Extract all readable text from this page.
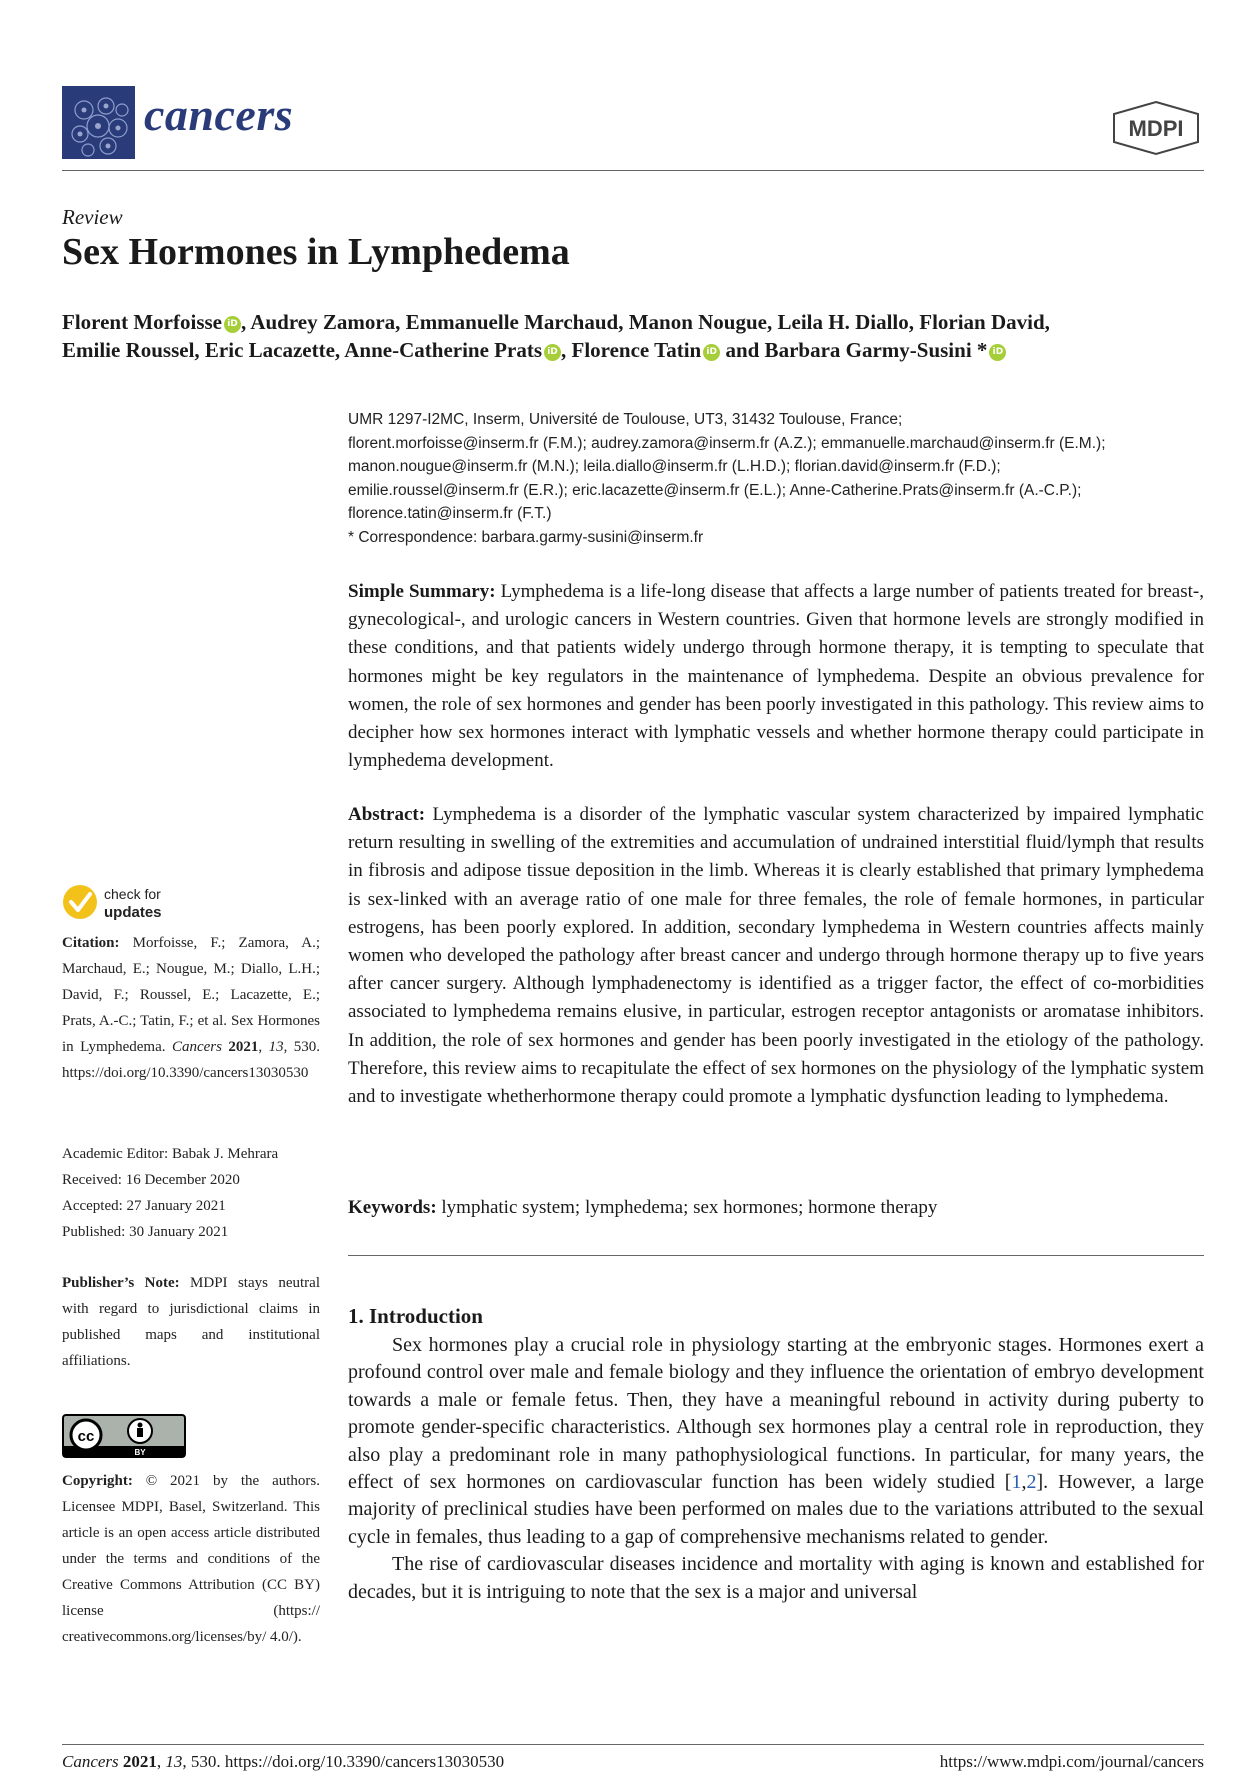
cancers	MDPI
Review
Sex Hormones in Lymphedema
Florent Morfoisse iD , Audrey Zamora, Emmanuelle Marchaud, Manon Nougue, Leila H. Diallo, Florian David,
Emilie Roussel, Eric Lacazette, Anne-Catherine Prats iD , Florence Tatin iD and Barbara Garmy-Susini * iD
UMR 1297-I2MC, Inserm, Université de Toulouse, UT3, 31432 Toulouse, France;
florent.morfoisse@inserm.fr (F.M.); audrey.zamora@inserm.fr (A.Z.); emmanuelle.marchaud@inserm.fr (E.M.);
manon.nougue@inserm.fr (M.N.); leila.diallo@inserm.fr (L.H.D.); florian.david@inserm.fr (F.D.);
emilie.roussel@inserm.fr (E.R.); eric.lacazette@inserm.fr (E.L.); Anne-Catherine.Prats@inserm.fr (A.-C.P.);
florence.tatin@inserm.fr (F.T.)
* Correspondence: barbara.garmy-susini@inserm.fr
Simple Summary: Lymphedema is a life-long disease that affects a large number of patients treated for breast-, gynecological-, and urologic cancers in Western countries. Given that hormone levels are strongly modified in these conditions, and that patients widely undergo through hormone therapy, it is tempting to speculate that hormones might be key regulators in the maintenance of lymphedema. Despite an obvious prevalence for women, the role of sex hormones and gender has been poorly investigated in this pathology. This review aims to decipher how sex hormones interact with lymphatic vessels and whether hormone therapy could participate in lymphedema development.
Abstract: Lymphedema is a disorder of the lymphatic vascular system characterized by impaired lymphatic return resulting in swelling of the extremities and accumulation of undrained interstitial fluid/lymph that results in fibrosis and adipose tissue deposition in the limb. Whereas it is clearly established that primary lymphedema is sex-linked with an average ratio of one male for three females, the role of female hormones, in particular estrogens, has been poorly explored. In addition, secondary lymphedema in Western countries affects mainly women who developed the pathology after breast cancer and undergo through hormone therapy up to five years after cancer surgery. Although lymphadenectomy is identified as a trigger factor, the effect of co-morbidities associated to lymphedema remains elusive, in particular, estrogen receptor antagonists or aromatase inhibitors. In addition, the role of sex hormones and gender has been poorly investigated in the etiology of the pathology. Therefore, this review aims to recapitulate the effect of sex hormones on the physiology of the lymphatic system and to investigate whetherhormone therapy could promote a lymphatic dysfunction leading to lymphedema.
Keywords: lymphatic system; lymphedema; sex hormones; hormone therapy
1. Introduction

Sex hormones play a crucial role in physiology starting at the embryonic stages. Hormones exert a profound control over male and female biology and they influence the orientation of embryo development towards a male or female fetus. Then, they have a meaningful rebound in activity during puberty to promote gender-specific characteristics. Although sex hormones play a central role in reproduction, they also play a predominant role in many pathophysiological functions. In particular, for many years, the effect of sex hormones on cardiovascular function has been widely studied [1,2]. However, a large majority of preclinical studies have been performed on males due to the variations attributed to the sexual cycle in females, thus leading to a gap of comprehensive mechanisms related to gender.

The rise of cardiovascular diseases incidence and mortality with aging is known and established for decades, but it is intriguing to note that the sex is a major and universal

check for
updates
Citation: Morfoisse, F.; Zamora, A.; Marchaud, E.; Nougue, M.; Diallo, L.H.; David, F.; Roussel, E.; Lacazette, E.; Prats, A.-C.; Tatin, F.; et al. Sex Hormones in Lymphedema. Cancers 2021, 13, 530. https://doi.org/10.3390/cancers13030530
Academic Editor: Babak J. Mehrara
Received: 16 December 2020
Accepted: 27 January 2021
Published: 30 January 2021
Publisher’s Note: MDPI stays neutral with regard to jurisdictional claims in published maps and institutional affiliations.
cc
BY
Copyright: © 2021 by the authors. Licensee MDPI, Basel, Switzerland. This article is an open access article distributed under the terms and conditions of the Creative Commons Attribution (CC BY) license (https:// creativecommons.org/licenses/by/ 4.0/).
Cancers 2021, 13, 530. https://doi.org/10.3390/cancers13030530	https://www.mdpi.com/journal/cancers
